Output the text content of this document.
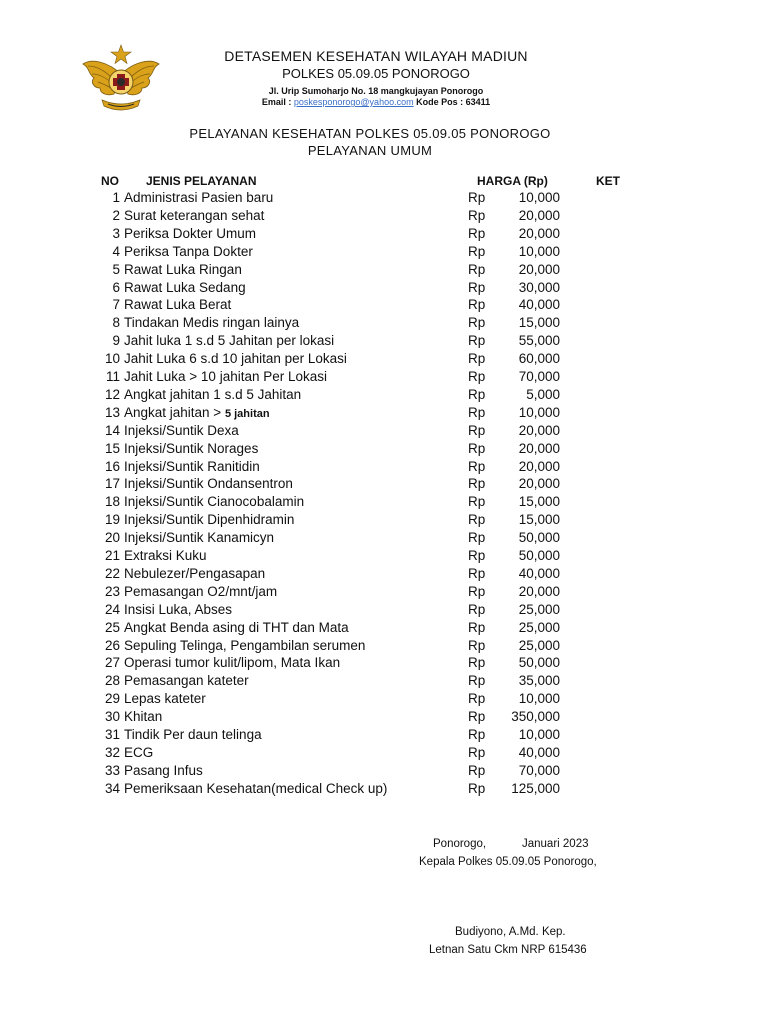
DETASEMEN KESEHATAN WILAYAH MADIUN
POLKES 05.09.05 PONOROGO
Jl. Urip Sumoharjo No. 18 mangkujayan Ponorogo
Email : poskesponorogo@yahoo.com Kode Pos : 63411
PELAYANAN KESEHATAN POLKES 05.09.05 PONOROGO
PELAYANAN UMUM
NO JENIS PELAYANAN	HARGA (Rp)	KET
1 Administrasi Pasien baru	Rp 10,000
2 Surat keterangan sehat	Rp 20,000
3 Periksa Dokter Umum	Rp 20,000
4 Periksa Tanpa Dokter	Rp 10,000
5 Rawat Luka Ringan	Rp 20,000
6 Rawat Luka Sedang	Rp 30,000
7 Rawat Luka Berat	Rp 40,000
8 Tindakan Medis ringan lainya	Rp 15,000
9 Jahit luka 1 s.d 5 Jahitan per lokasi	Rp 55,000
10 Jahit Luka 6 s.d 10 jahitan per Lokasi	Rp 60,000
11 Jahit Luka > 10 jahitan Per Lokasi	Rp 70,000
12 Angkat jahitan 1 s.d 5 Jahitan	Rp	5,000
13 Angkat jahitan > 5 jahitan	Rp 10,000
14 Injeksi/Suntik Dexa	Rp 20,000
15 Injeksi/Suntik Norages	Rp 20,000
16 Injeksi/Suntik Ranitidin	Rp 20,000
17 Injeksi/Suntik Ondansentron	Rp 20,000
18 Injeksi/Suntik Cianocobalamin	Rp 15,000
19 Injeksi/Suntik Dipenhidramin	Rp 15,000
20 Injeksi/Suntik Kanamicyn	Rp 50,000
21 Extraksi Kuku	Rp 50,000
22 Nebulezer/Pengasapan	Rp 40,000
23 Pemasangan O2/mnt/jam	Rp 20,000
24 Insisi Luka, Abses	Rp 25,000
25 Angkat Benda asing di THT dan Mata	Rp 25,000
26 Sepuling Telinga, Pengambilan serumen	Rp 25,000
27 Operasi tumor kulit/lipom, Mata Ikan	Rp 50,000
28 Pemasangan kateter	Rp 35,000
29 Lepas kateter	Rp 10,000
30 Khitan	Rp 350,000
31 Tindik Per daun telinga	Rp 10,000
32 ECG	Rp 40,000
33 Pasang Infus	Rp 70,000
34 Pemeriksaan Kesehatan(medical Check up)	Rp 125,000
Ponorogo,	Januari 2023
Kepala Polkes 05.09.05 Ponorogo,
Budiyono, A.Md. Kep.
Letnan Satu Ckm NRP 615436
